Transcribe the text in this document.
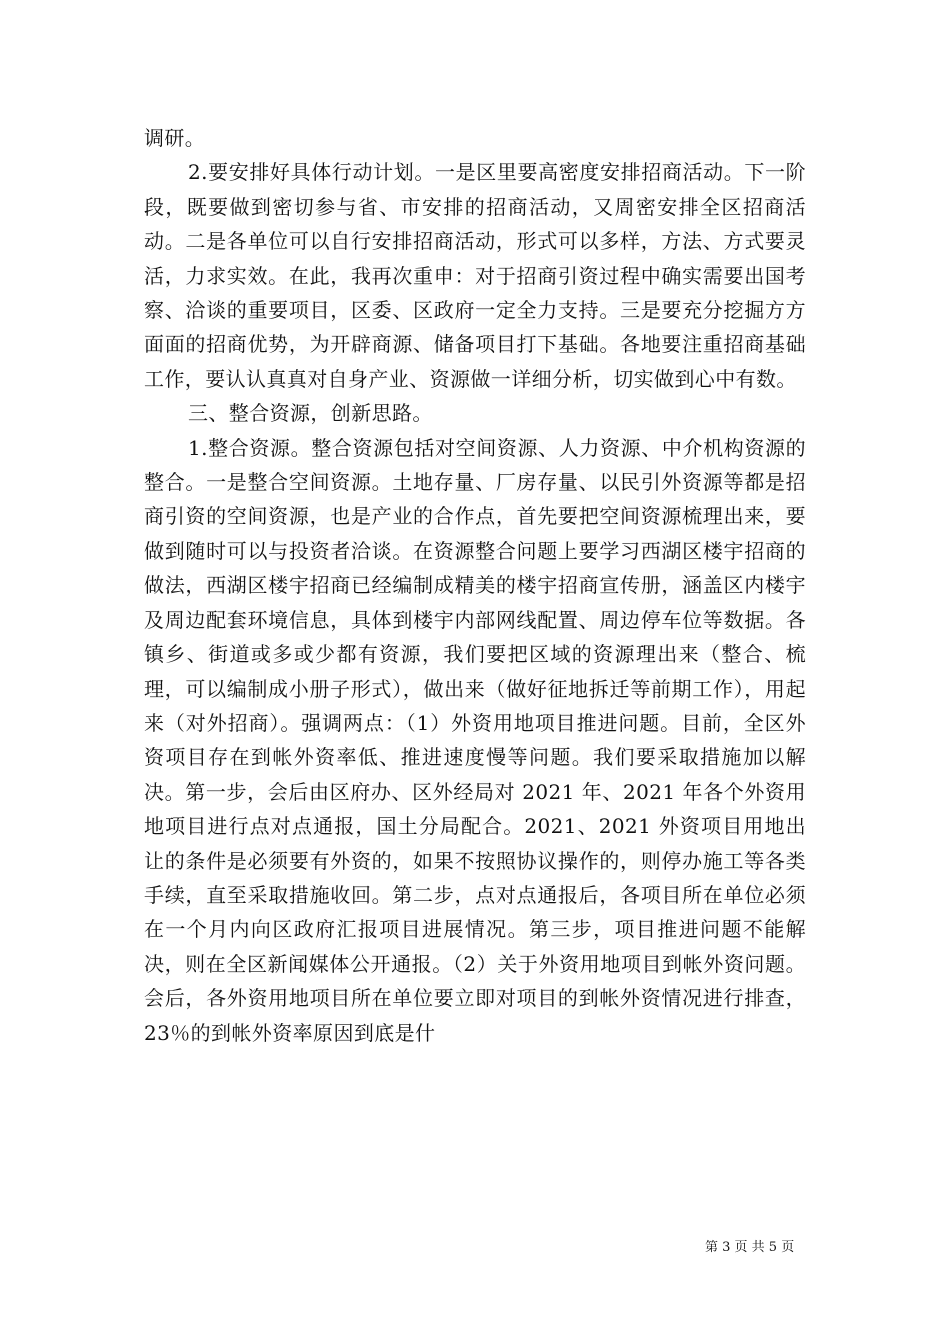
调研。

2.要安排好具体行动计划。一是区里要高密度安排招商活动。下一阶段，既要做到密切参与省、市安排的招商活动，又周密安排全区招商活动。二是各单位可以自行安排招商活动，形式可以多样，方法、方式要灵活，力求实效。在此，我再次重申：对于招商引资过程中确实需要出国考察、洽谈的重要项目，区委、区政府一定全力支持。三是要充分挖掘方方面面的招商优势，为开辟商源、储备项目打下基础。各地要注重招商基础工作，要认认真真对自身产业、资源做一详细分析，切实做到心中有数。

三、整合资源，创新思路。

1.整合资源。整合资源包括对空间资源、人力资源、中介机构资源的整合。一是整合空间资源。土地存量、厂房存量、以民引外资源等都是招商引资的空间资源，也是产业的合作点，首先要把空间资源梳理出来，要做到随时可以与投资者洽谈。在资源整合问题上要学习西湖区楼宇招商的做法，西湖区楼宇招商已经编制成精美的楼宇招商宣传册，涵盖区内楼宇及周边配套环境信息，具体到楼宇内部网线配置、周边停车位等数据。各镇乡、街道或多或少都有资源，我们要把区域的资源理出来（整合、梳理，可以编制成小册子形式），做出来（做好征地拆迁等前期工作），用起来（对外招商）。强调两点：（1）外资用地项目推进问题。目前，全区外资项目存在到帐外资率低、推进速度慢等问题。我们要采取措施加以解决。第一步，会后由区府办、区外经局对 2021 年、2021 年各个外资用地项目进行点对点通报，国土分局配合。2021、2021 外资项目用地出让的条件是必须要有外资的，如果不按照协议操作的，则停办施工等各类手续，直至采取措施收回。第二步，点对点通报后，各项目所在单位必须在一个月内向区政府汇报项目进展情况。第三步，项目推进问题不能解决，则在全区新闻媒体公开通报。（2）关于外资用地项目到帐外资问题。会后，各外资用地项目所在单位要立即对项目的到帐外资情况进行排查，23％的到帐外资率原因到底是什

第 3 页 共 5 页
